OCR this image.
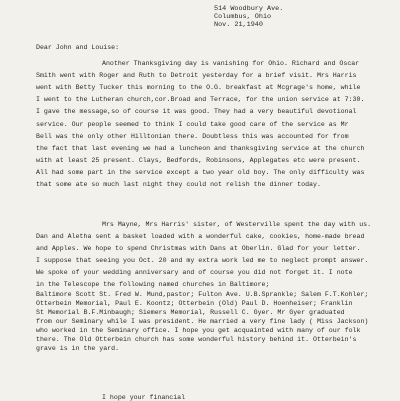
514 Woodbury Ave.
Columbus, Ohio
Nov. 21,1940
Dear John and Louise:
Another Thanksgiving day is vanishing for Ohio. Richard and Oscar
Smith went with Roger and Ruth to Detroit yesterday for a brief visit. Mrs Harris
went with Betty Tucker this morning to the O.G. breakfast at Mcgrage's home, while
I went to the Lutheran church,cor.Broad and Terrace, for the union service at 7:30.
I gave the message,so of course it was good. They had a very beautiful devotional
service. Our people seemed to think I could take good care of the service as Mr
Bell was the only other Hilltonian there. Doubtless this was accounted for from
the fact that last evening we had a luncheon and thanksgiving service at the church
with at least 25 present. Clays, Bedfords, Robinsons, Applegates etc were present.
All had some part in the service except a two year old boy. The only difficulty was
that some ate so much last night they could not relish the dinner today.
Mrs Mayne, Mrs Harris' sister, of Westerville spent the day with us.
Dan and Aletha sent a basket loaded with a wonderful cake, cookies, home-made bread
and Apples. We hope to spend Christmas with Dans at Oberlin. Glad for your letter.
I suppose that seeing you Oct. 20 and my extra work led me to neglect prompt answer.
We spoke of your wedding anniversary and of course you did not forget it. I note
in the Telescope the following named churches in Baltimore;
Baltimore Scott St. Fred W. Mund,pastor; Fulton Ave. U.B.Sprankle; Salem F.T.Kohler;
Otterbein Memorial, Paul E. Koontz; Otterbein (Old) Paul D. Hoenheiser; Franklin
St Memorial B.F.Minbaugh; Siemers Memorial, Russell C. Gyer. Mr Gyer graduated
from our Seminary while I was president. He married a very fine lady ( Miss Jackson)
who worked in the Seminary office. I hope you get acquainted with many of our folk
there. The Old Otterbein church has some wonderful history behind it. Otterbein's
grave is in the yard.
I hope your financial
